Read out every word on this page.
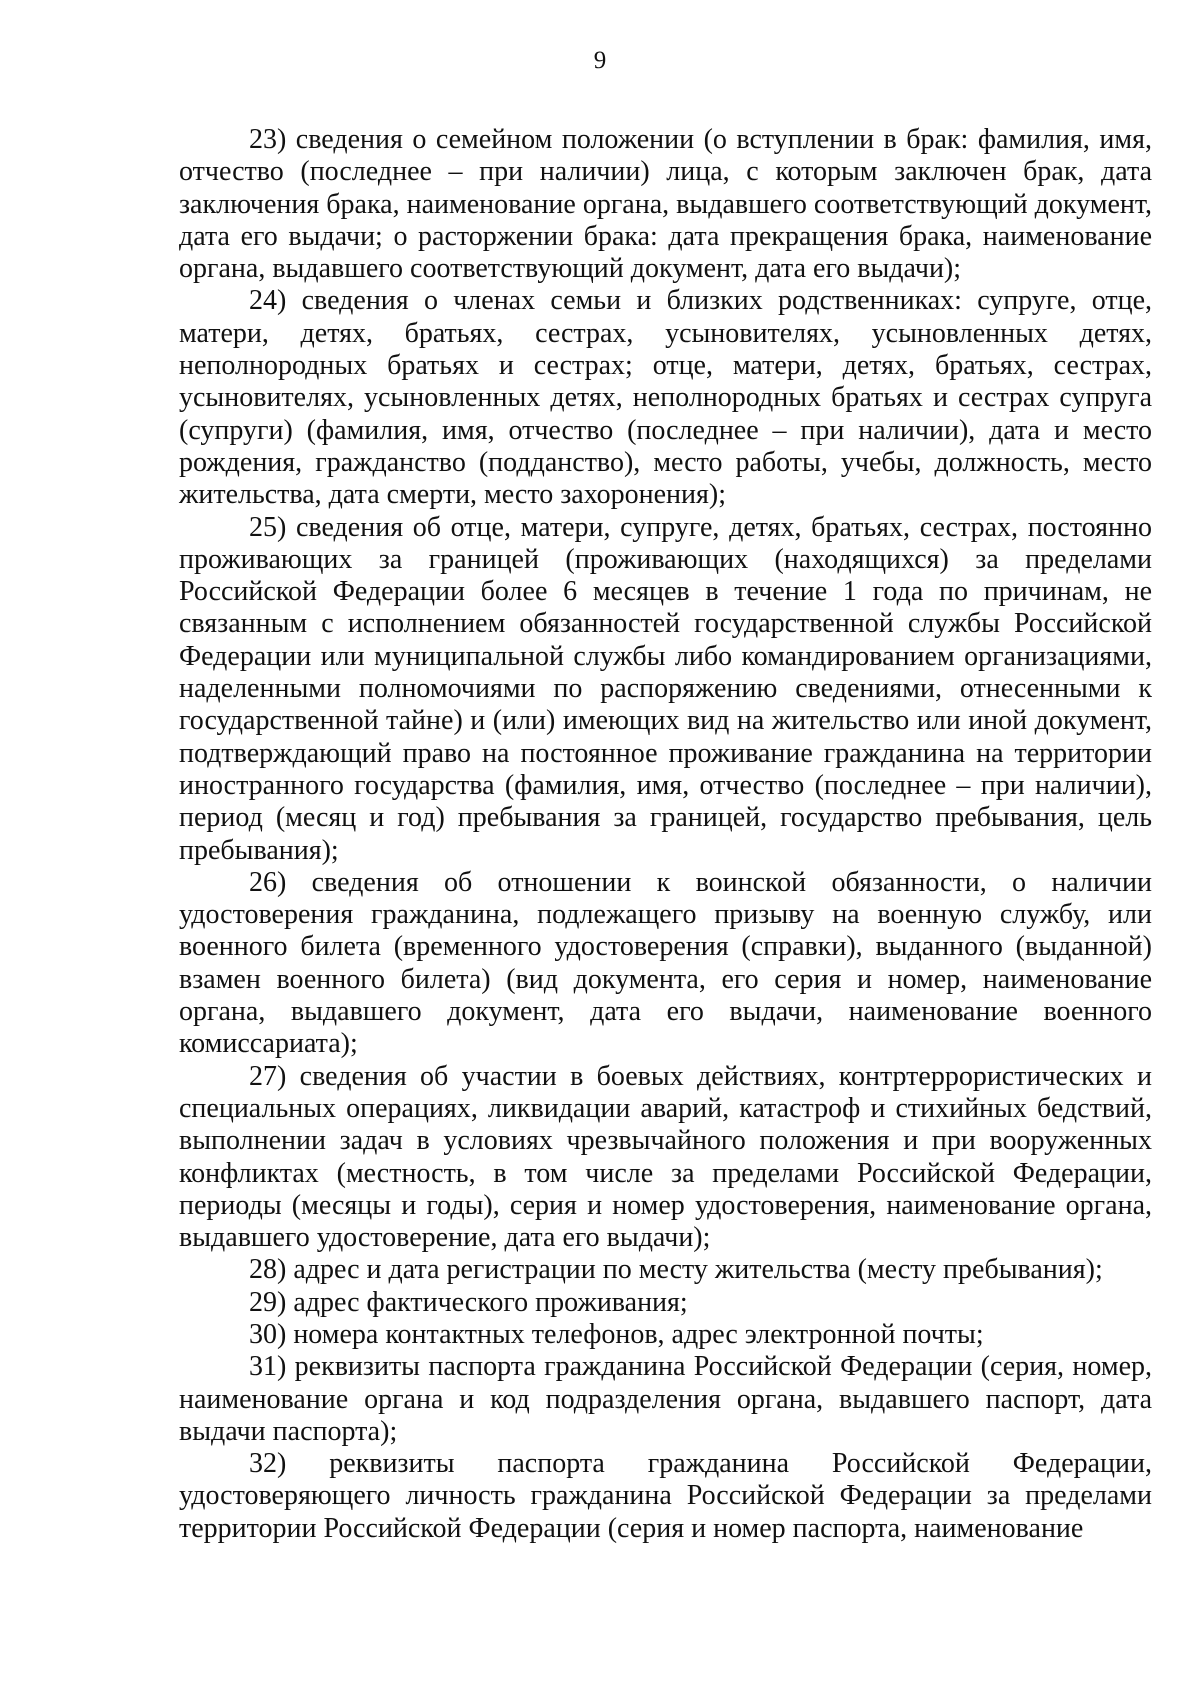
9

23) сведения о семейном положении (о вступлении в брак: фамилия, имя, отчество (последнее – при наличии) лица, с которым заключен брак, дата заключения брака, наименование органа, выдавшего соответствующий документ, дата его выдачи; о расторжении брака: дата прекращения брака, наименование органа, выдавшего соответствующий документ, дата его выдачи);

24) сведения о членах семьи и близких родственниках: супруге, отце, матери, детях, братьях, сестрах, усыновителях, усыновленных детях, неполнородных братьях и сестрах; отце, матери, детях, братьях, сестрах, усыновителях, усыновленных детях, неполнородных братьях и сестрах супруга (супруги) (фамилия, имя, отчество (последнее – при наличии), дата и место рождения, гражданство (подданство), место работы, учебы, должность, место жительства, дата смерти, место захоронения);

25) сведения об отце, матери, супруге, детях, братьях, сестрах, постоянно проживающих за границей (проживающих (находящихся) за пределами Российской Федерации более 6 месяцев в течение 1 года по причинам, не связанным с исполнением обязанностей государственной службы Российской Федерации или муниципальной службы либо командированием организациями, наделенными полномочиями по распоряжению сведениями, отнесенными к государственной тайне) и (или) имеющих вид на жительство или иной документ, подтверждающий право на постоянное проживание гражданина на территории иностранного государства (фамилия, имя, отчество (последнее – при наличии), период (месяц и год) пребывания за границей, государство пребывания, цель пребывания);

26) сведения об отношении к воинской обязанности, о наличии удостоверения гражданина, подлежащего призыву на военную службу, или военного билета (временного удостоверения (справки), выданного (выданной) взамен военного билета) (вид документа, его серия и номер, наименование органа, выдавшего документ, дата его выдачи, наименование военного комиссариата);

27) сведения об участии в боевых действиях, контртеррористических и специальных операциях, ликвидации аварий, катастроф и стихийных бедствий, выполнении задач в условиях чрезвычайного положения и при вооруженных конфликтах (местность, в том числе за пределами Российской Федерации, периоды (месяцы и годы), серия и номер удостоверения, наименование органа, выдавшего удостоверение, дата его выдачи);

28) адрес и дата регистрации по месту жительства (месту пребывания);

29) адрес фактического проживания;

30) номера контактных телефонов, адрес электронной почты;

31) реквизиты паспорта гражданина Российской Федерации (серия, номер, наименование органа и код подразделения органа, выдавшего паспорт, дата выдачи паспорта);

32) реквизиты паспорта гражданина Российской Федерации, удостоверяющего личность гражданина Российской Федерации за пределами территории Российской Федерации (серия и номер паспорта, наименование
